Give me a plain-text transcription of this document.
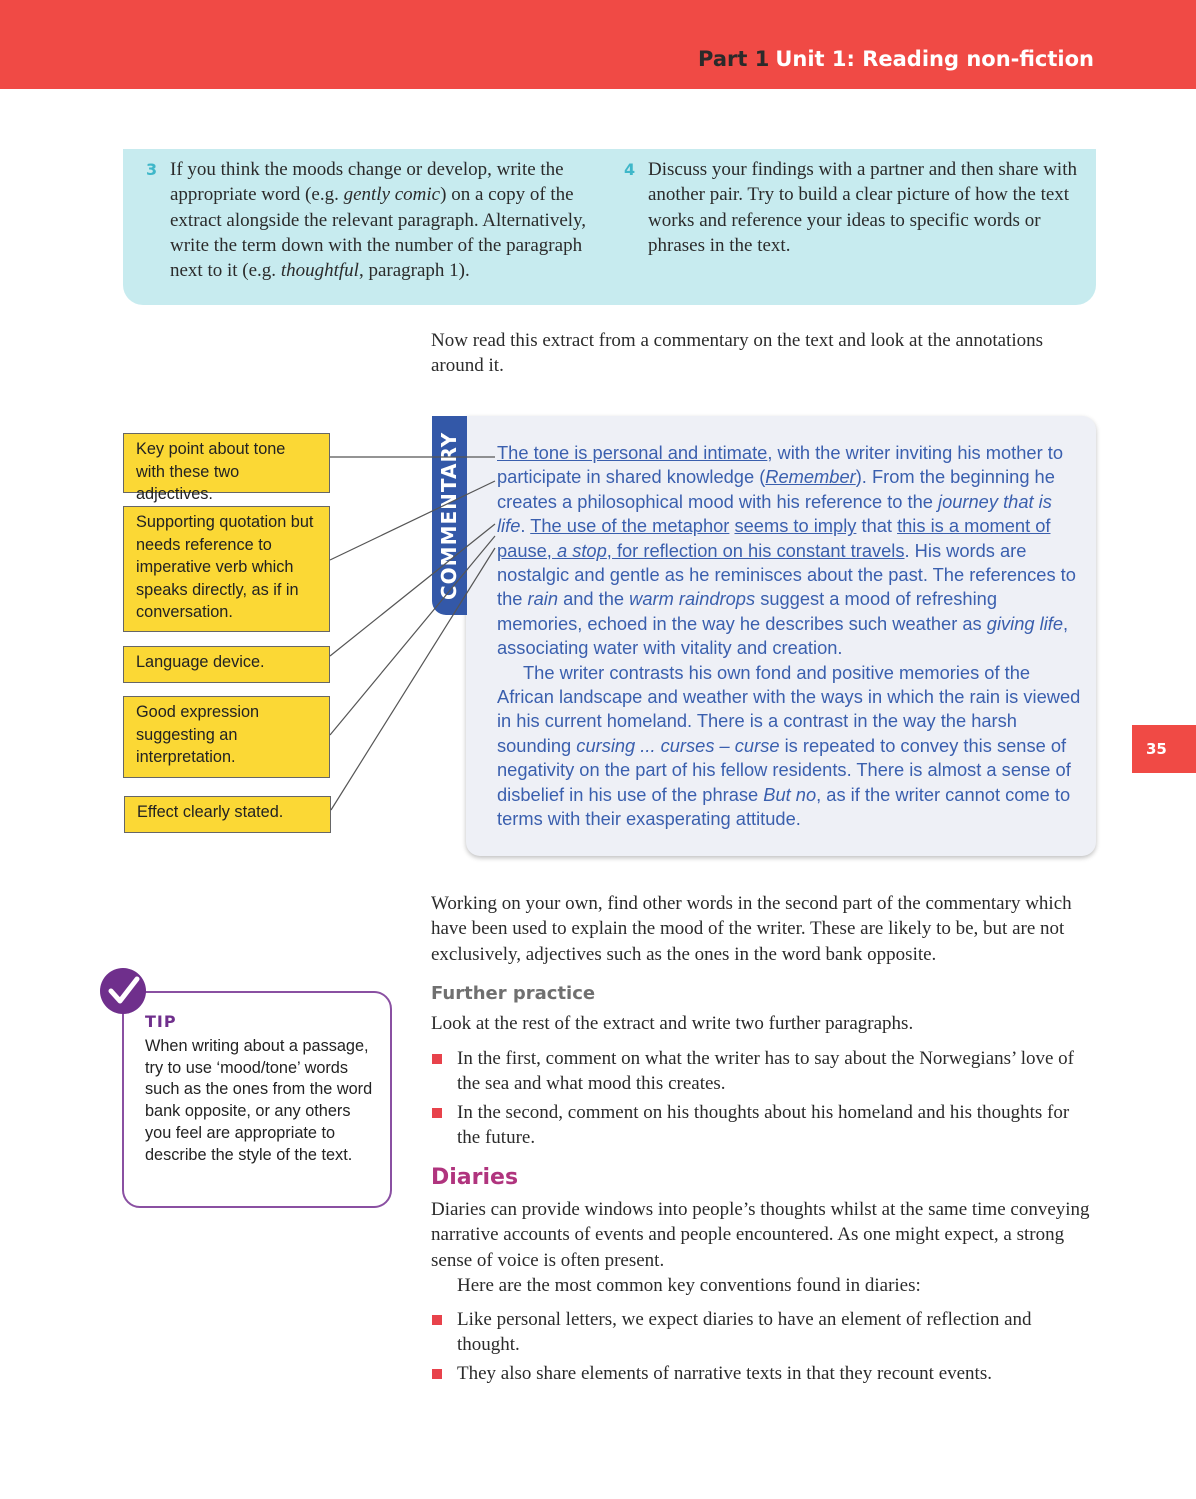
Part 1 Unit 1: Reading non‑fiction
3 If you think the moods change or develop, write the appropriate word (e.g. gently comic) on a copy of the extract alongside the relevant paragraph. Alternatively, write the term down with the number of the paragraph next to it (e.g. thoughtful, paragraph 1).
4 Discuss your findings with a partner and then share with another pair. Try to build a clear picture of how the text works and reference your ideas to specific words or phrases in the text.

Now read this extract from a commentary on the text and look at the annotations around it.

COMMENTARY	The tone is personal and intimate, with the writer inviting his mother to participate in shared knowledge (Remember). From the beginning he creates a philosophical mood with his reference to the journey that is life. The use of the metaphor seems to imply that this is a moment of pause, a stop, for reflection on his constant travels. His words are nostalgic and gentle as he reminisces about the past. The references to the rain and the warm raindrops suggest a mood of refreshing memories, echoed in the way he describes such weather as giving life, associating water with vitality and creation.

The writer contrasts his own fond and positive memories of the African landscape and weather with the ways in which the rain is viewed in his current homeland. There is a contrast in the way the harsh sounding cursing ... curses – curse is repeated to convey this sense of negativity on the part of his fellow residents. There is almost a sense of disbelief in his use of the phrase But no, as if the writer cannot come to terms with their exasperating attitude.

Key point about tone with these two adjectives.
Supporting quotation but needs reference to imperative verb which speaks directly, as if in conversation.
Language device.
Good expression suggesting an interpretation.
Effect clearly stated.
35

Working on your own, find other words in the second part of the commentary which have been used to explain the mood of the writer. These are likely to be, but are not exclusively, adjectives such as the ones in the word bank opposite.

TIP
When writing about a passage, try to use ‘mood/tone’ words such as the ones from the word bank opposite, or any others you feel are appropriate to describe the style of the text.
Further practice

Look at the rest of the extract and write two further paragraphs.

In the first, comment on what the writer has to say about the Norwegians’ love of the sea and what mood this creates.
In the second, comment on his thoughts about his homeland and his thoughts for the future.
Diaries

Diaries can provide windows into people’s thoughts whilst at the same time conveying narrative accounts of events and people encountered. As one might expect, a strong sense of voice is often present.

Here are the most common key conventions found in diaries:

Like personal letters, we expect diaries to have an element of reflection and thought.
They also share elements of narrative texts in that they recount events.
